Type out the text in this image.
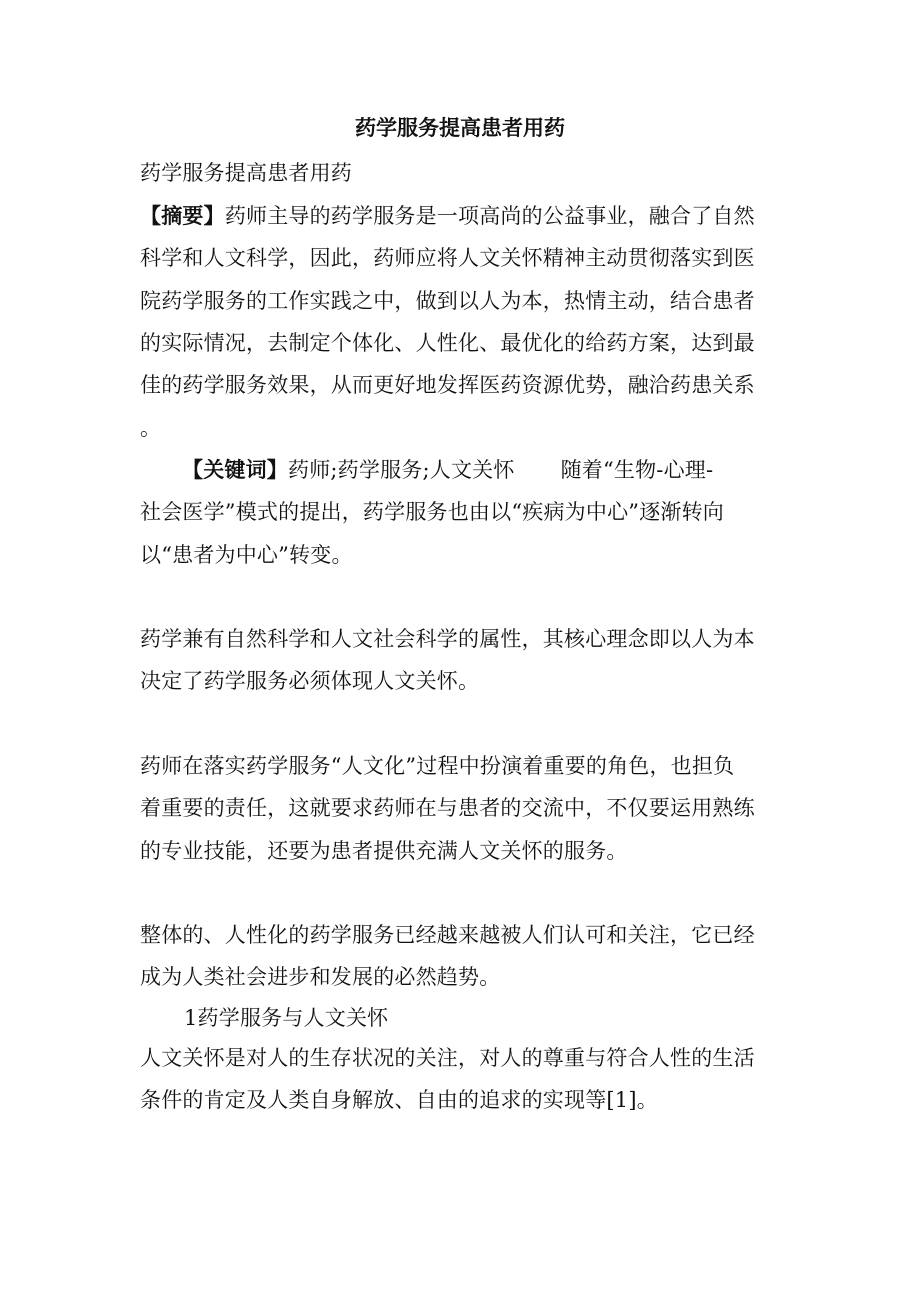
药学服务提高患者用药
药学服务提高患者用药
【摘要】药师主导的药学服务是一项高尚的公益事业，融合了自然
科学和人文科学，因此，药师应将人文关怀精神主动贯彻落实到医
院药学服务的工作实践之中，做到以人为本，热情主动，结合患者
的实际情况，去制定个体化、人性化、最优化的给药方案，达到最
佳的药学服务效果，从而更好地发挥医药资源优势，融洽药患关系
。
【关键词】药师;药学服务;人文关怀 随着“生物-心理-
社会医学”模式的提出，药学服务也由以“疾病为中心”逐渐转向
以“患者为中心”转变。
药学兼有自然科学和人文社会科学的属性，其核心理念即以人为本
决定了药学服务必须体现人文关怀。
药师在落实药学服务“人文化”过程中扮演着重要的角色，也担负
着重要的责任，这就要求药师在与患者的交流中，不仅要运用熟练
的专业技能，还要为患者提供充满人文关怀的服务。
整体的、人性化的药学服务已经越来越被人们认可和关注，它已经
成为人类社会进步和发展的必然趋势。
1药学服务与人文关怀
人文关怀是对人的生存状况的关注，对人的尊重与符合人性的生活
条件的肯定及人类自身解放、自由的追求的实现等[1]。
